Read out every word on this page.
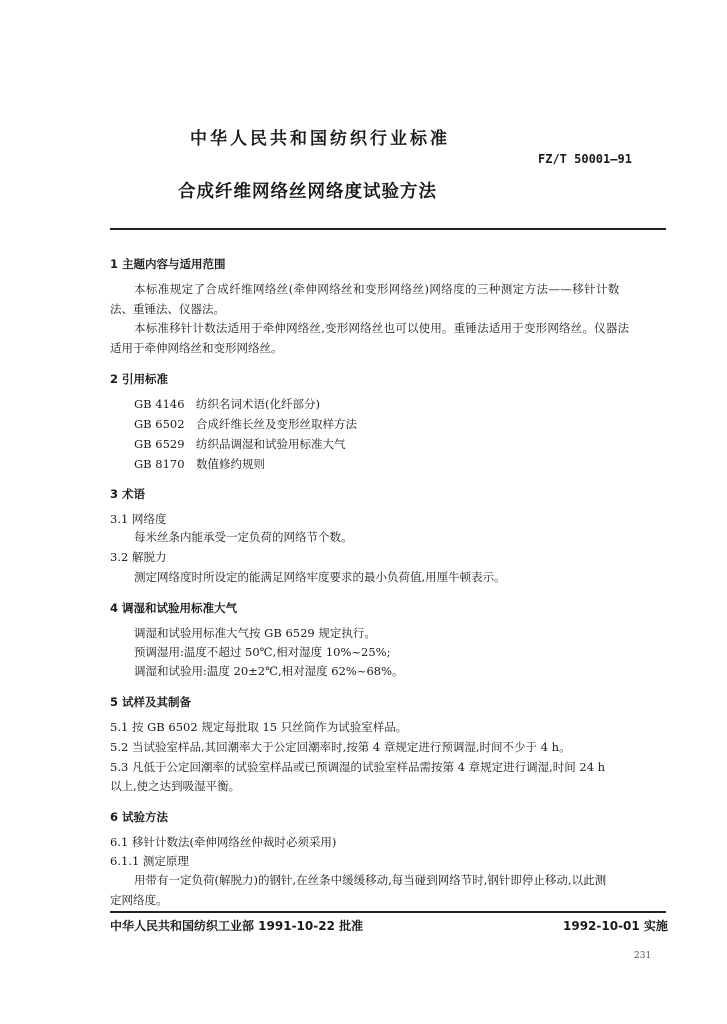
中华人民共和国纺织行业标准
FZ/T 50001—91
合成纤维网络丝网络度试验方法
1 主题内容与适用范围
本标准规定了合成纤维网络丝(牵伸网络丝和变形网络丝)网络度的三种测定方法——移针计数
法、重锤法、仪器法。
本标准移针计数法适用于牵伸网络丝,变形网络丝也可以使用。重锤法适用于变形网络丝。仪器法
适用于牵伸网络丝和变形网络丝。
2 引用标准
GB 4146 纺织名词术语(化纤部分)
GB 6502 合成纤维长丝及变形丝取样方法
GB 6529 纺织品调湿和试验用标准大气
GB 8170 数值修约规则
3 术语
3.1 网络度
每米丝条内能承受一定负荷的网络节个数。
3.2 解脱力
测定网络度时所设定的能满足网络牢度要求的最小负荷值,用厘牛顿表示。
4 调湿和试验用标准大气
调湿和试验用标准大气按 GB 6529 规定执行。
预调湿用:温度不超过 50℃,相对湿度 10%~25%;
调湿和试验用:温度 20±2℃,相对湿度 62%~68%。
5 试样及其制备
5.1 按 GB 6502 规定每批取 15 只丝筒作为试验室样品。
5.2 当试验室样品,其回潮率大于公定回潮率时,按第 4 章规定进行预调湿,时间不少于 4 h。
5.3 凡低于公定回潮率的试验室样品或已预调湿的试验室样品需按第 4 章规定进行调湿,时间 24 h
以上,使之达到吸湿平衡。
6 试验方法
6.1 移针计数法(牵伸网络丝仲裁时必须采用)
6.1.1 测定原理
用带有一定负荷(解脱力)的钢针,在丝条中缓缓移动,每当碰到网络节时,钢针即停止移动,以此测
定网络度。
中华人民共和国纺织工业部 1991-10-22 批准	1992-10-01 实施
231
